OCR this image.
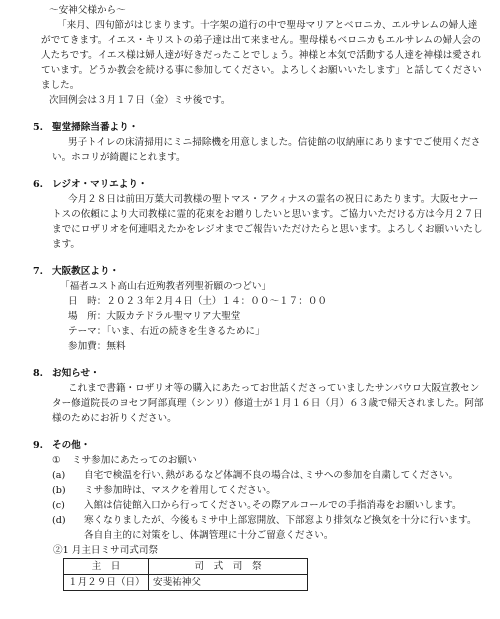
～安神父様から～
「来月、四旬節がはじまります。十字架の道行の中で聖母マリアとベロニカ、エルサレムの婦人達がでてきます。イエス・キリストの弟子達は出て来ません。聖母様もベロニカもエルサレムの婦人会の人たちです。イエス様は婦人達が好きだったことでしょう。神様と本気で活動する人達を神様は愛されています。どうか教会を続ける事に参加してください。よろしくお願いいたします」と話してくださいました。
次回例会は３月１７日（金）ミサ後です。
5. 聖堂掃除当番より・
男子トイレの床清掃用にミニ掃除機を用意しました。信徒館の収納庫にありますでご使用ください。ホコリが綺麗にとれます。
6. レジオ・マリエより・
今月２８日は前田万葉大司教様の聖トマス・アクィナスの霊名の祝日にあたります。大阪セナートスの依頼により大司教様に霊的花束をお贈りしたいと思います。ご協力いただける方は今月２７日までにロザリオを何連唱えたかをレジオまでご報告いただけたらと思います。よろしくお願いいたします。
7. 大阪教区より・
「福者ユスト高山右近殉教者列聖祈願のつどい」
日　時：２０２３年２月４日（土）１４：００～１７：００
場　所：大阪カテドラル聖マリア大聖堂
テーマ：「いま、右近の続きを生きるために」
参加費：無料
8. お知らせ・
これまで書籍・ロザリオ等の購入にあたってお世話くださっていましたサンパウロ大阪宣教センター修道院長のヨセフ阿部真理（シンリ）修道士が１月１６日（月）６３歳で帰天されました。阿部様のためにお祈りください。
9. その他・
①	ミサ参加にあたってのお願い
(a)	自宅で検温を行い､熱があるなど体調不良の場合は､ミサへの参加を自粛してください。
(b)	ミサ参加時は、マスクを着用してください。
(c)	入館は信徒館入口から行ってください｡その際アルコールでの手指消毒をお願いします。
(d)	寒くなりましたが、今後もミサ中上部窓開放、下部窓より排気など換気を十分に行います。各自自主的に対策をし、体調管理に十分ご留意ください。
②1 月主日ミサ司式司祭
主　日	司　式　司　祭
１月２９日（日）	安斐祐神父
